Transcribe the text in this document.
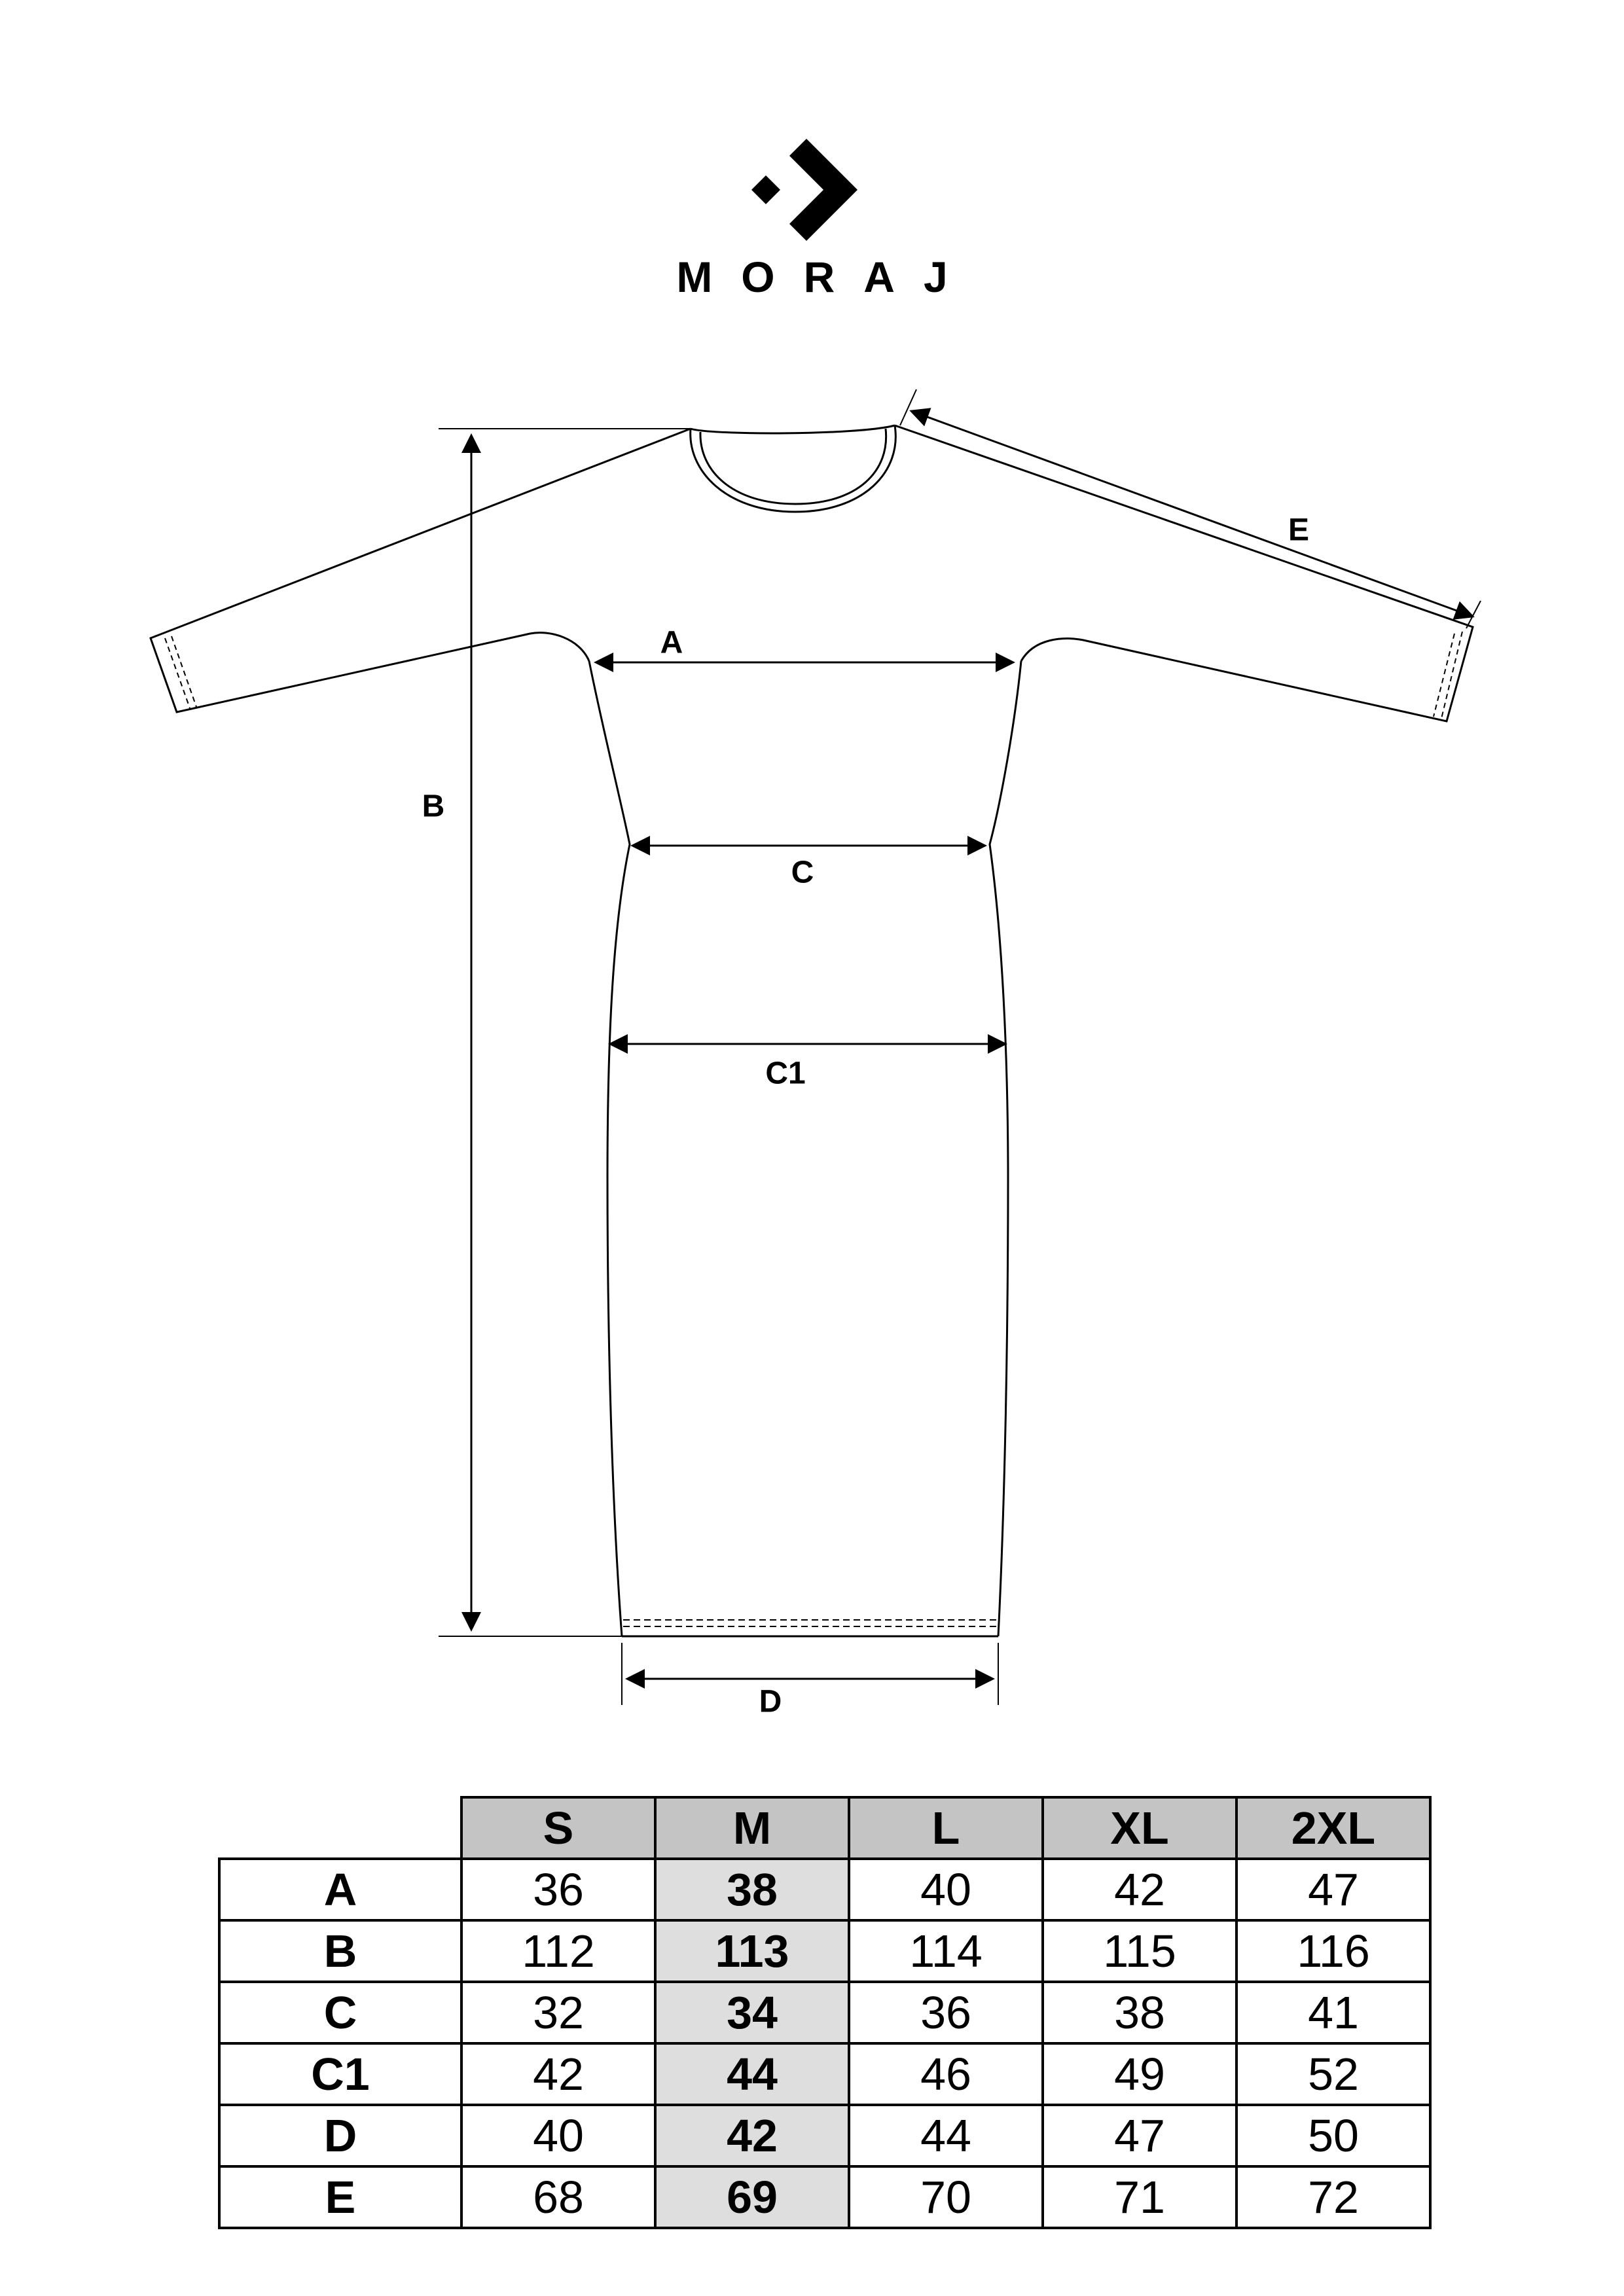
MORAJ
A
B
C
C1
D
E
	S	M	L	XL	2XL
A	36	38	40	42	47
B	112	113	114	115	116
C	32	34	36	38	41
C1	42	44	46	49	52
D	40	42	44	47	50
E	68	69	70	71	72
